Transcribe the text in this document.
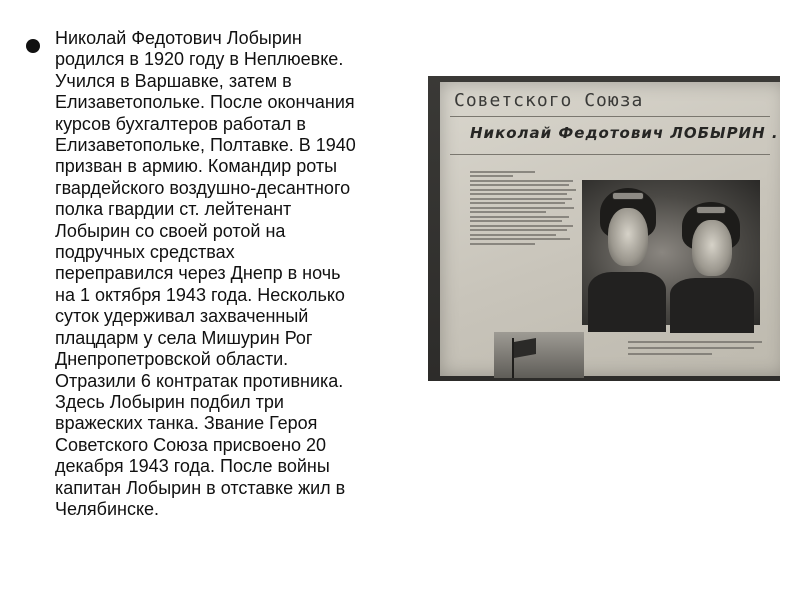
Николай Федотович Лобырин
родился в 1920 году в Неплюевке.
Учился в Варшавке, затем в
Елизаветопольке. После окончания
курсов бухгалтеров работал в
Елизаветопольке, Полтавке. В 1940
призван в армию. Командир роты
гвардейского воздушно-десантного
полка гвардии ст. лейтенант
Лобырин со своей ротой на
подручных средствах
переправился через Днепр в ночь
на 1 октября 1943 года. Несколько
суток удерживал захваченный
плацдарм у села Мишурин Рог
Днепропетровской области.
Отразили 6 контратак противника.
Здесь Лобырин подбил три
вражеских танка. Звание Героя
Советского Союза присвоено 20
декабря 1943 года. После войны
капитан Лобырин в отставке жил в
Челябинске.
Советского Союза
Николай Федотович ЛОБЫРИН .
